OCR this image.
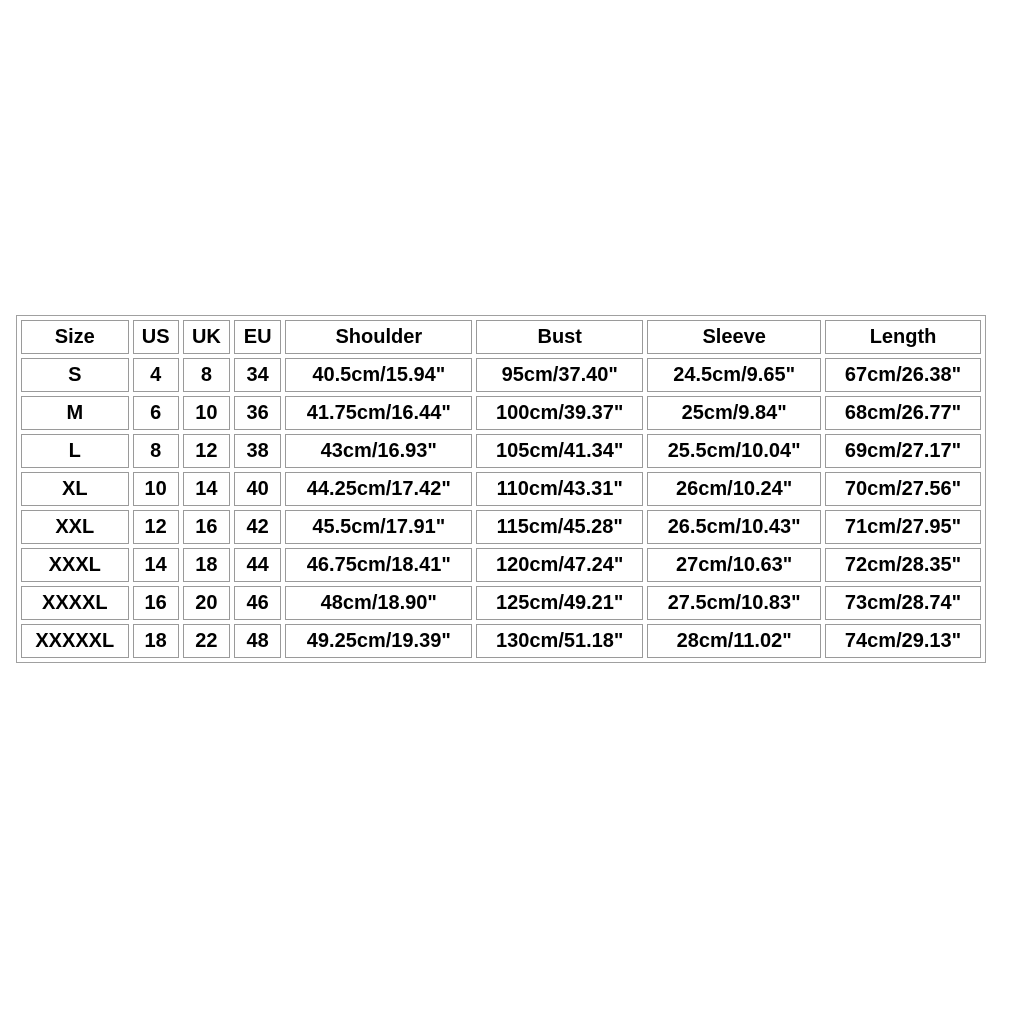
Size	US	UK	EU	Shoulder	Bust	Sleeve	Length
S	4	8	34	40.5cm/15.94"	95cm/37.40"	24.5cm/9.65"	67cm/26.38"
M	6	10	36	41.75cm/16.44"	100cm/39.37"	25cm/9.84"	68cm/26.77"
L	8	12	38	43cm/16.93"	105cm/41.34"	25.5cm/10.04"	69cm/27.17"
XL	10	14	40	44.25cm/17.42"	110cm/43.31"	26cm/10.24"	70cm/27.56"
XXL	12	16	42	45.5cm/17.91"	115cm/45.28"	26.5cm/10.43"	71cm/27.95"
XXXL	14	18	44	46.75cm/18.41"	120cm/47.24"	27cm/10.63"	72cm/28.35"
XXXXL	16	20	46	48cm/18.90"	125cm/49.21"	27.5cm/10.83"	73cm/28.74"
XXXXXL	18	22	48	49.25cm/19.39"	130cm/51.18"	28cm/11.02"	74cm/29.13"
